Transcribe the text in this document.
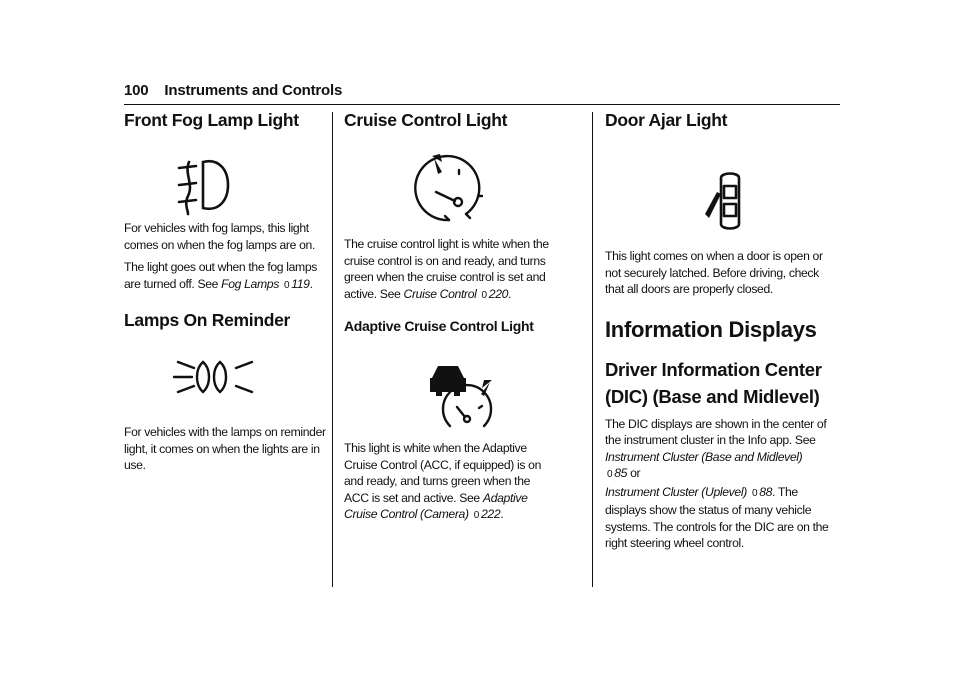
100 Instruments and Controls
Front Fog Lamp Light

For vehicles with fog lamps, this light comes on when the fog lamps are on.

The light goes out when the fog lamps are turned off. See Fog Lamps 0 119.

Lamps On Reminder

For vehicles with the lamps on reminder light, it comes on when the lights are in use.

Cruise Control Light

The cruise control light is white when the cruise control is on and ready, and turns green when the cruise control is set and active. See Cruise Control 0 220.

Adaptive Cruise Control Light

This light is white when the Adaptive Cruise Control (ACC, if equipped) is on and ready, and turns green when the ACC is set and active. See Adaptive Cruise Control (Camera) 0 222.

Door Ajar Light

This light comes on when a door is open or not securely latched. Before driving, check that all doors are properly closed.

Information Displays
Driver Information Center (DIC) (Base and Midlevel)

The DIC displays are shown in the center of the instrument cluster in the Info app. See Instrument Cluster (Base and Midlevel)
0 85 or
Instrument Cluster (Uplevel) 0 88. The displays show the status of many vehicle systems. The controls for the DIC are on the right steering wheel control.
